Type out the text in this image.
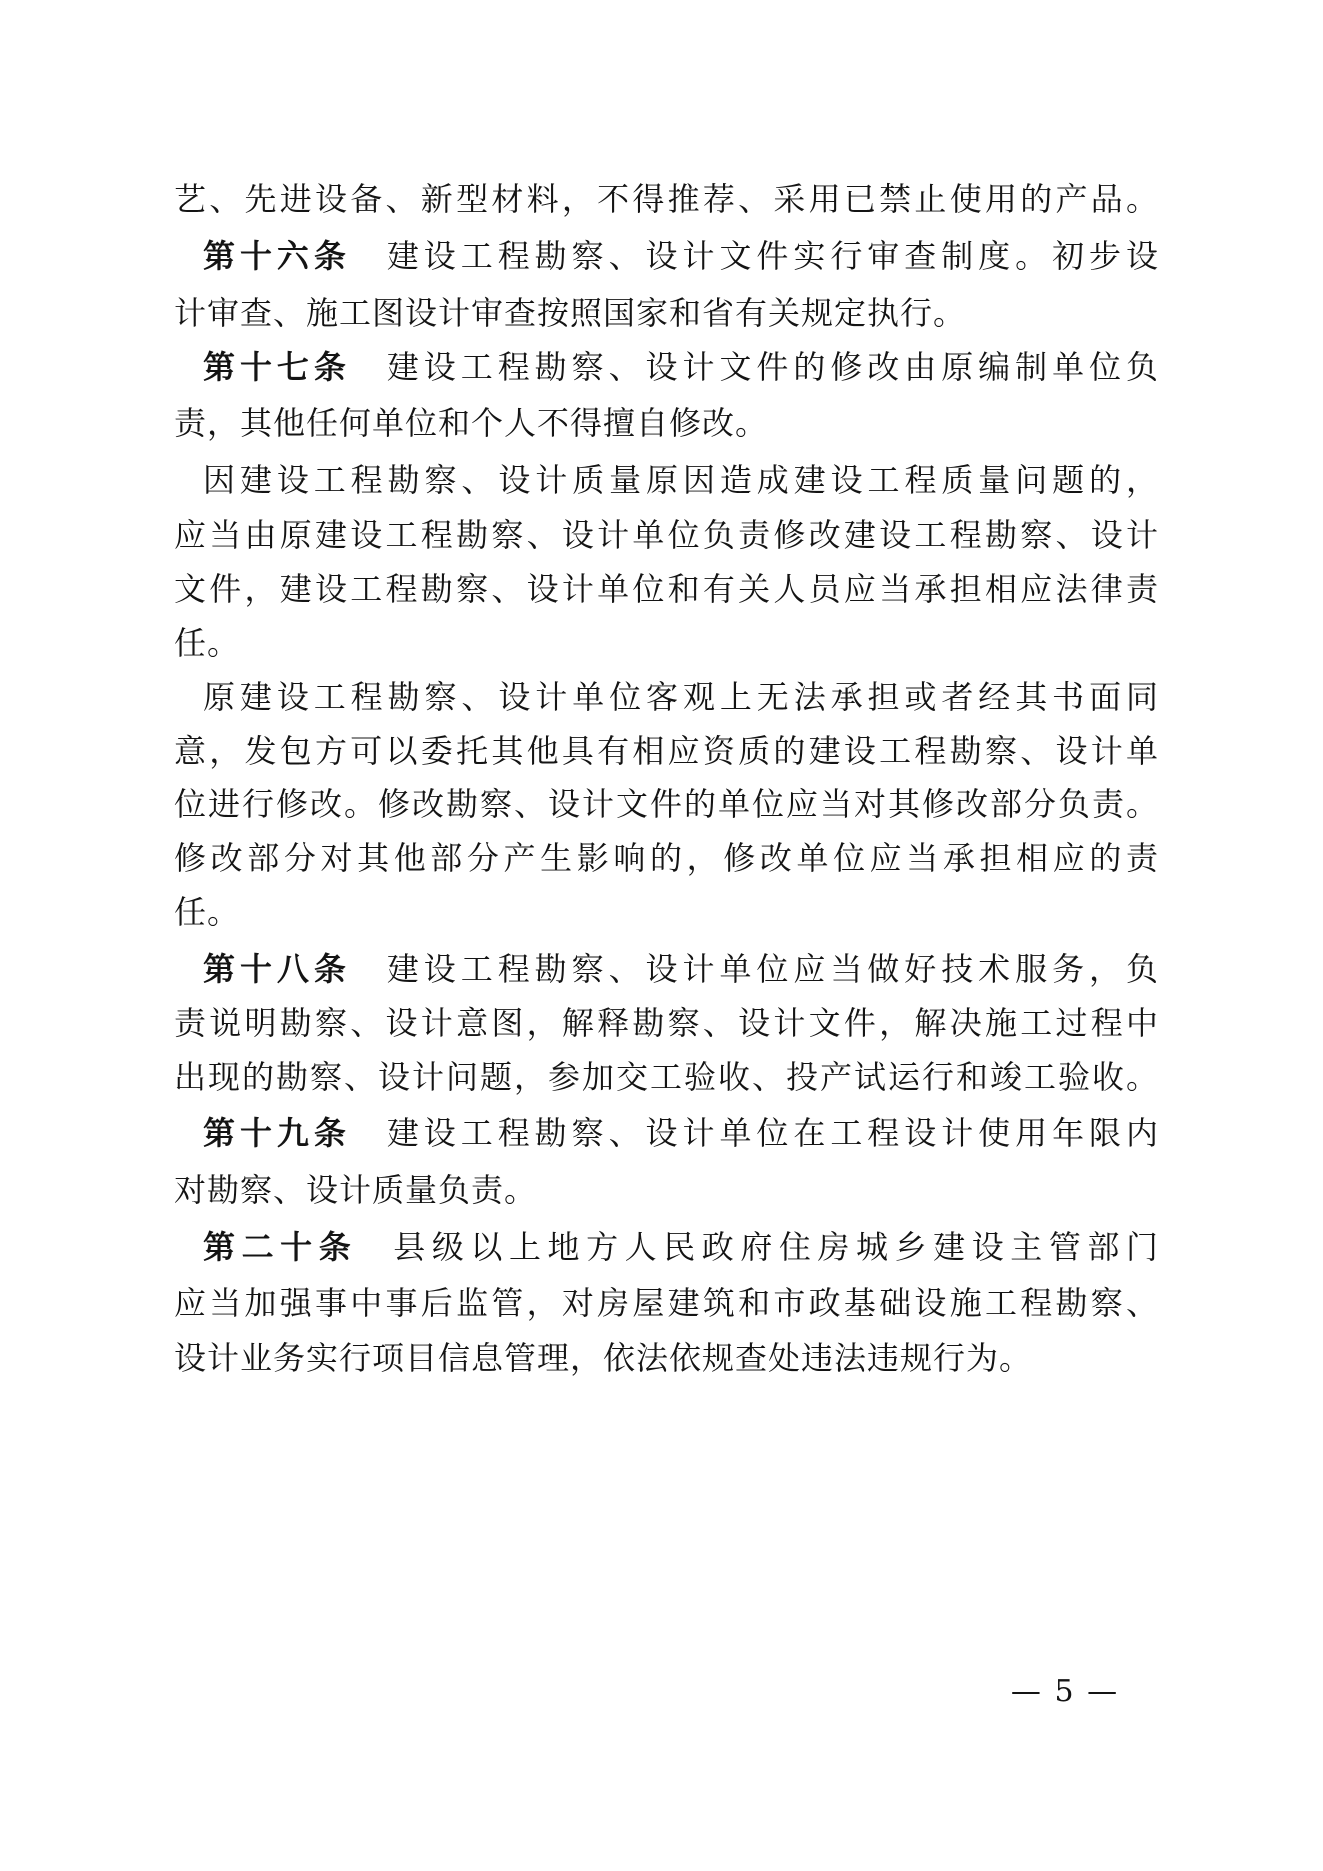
艺、先进设备、新型材料，不得推荐、采用已禁止使用的产品。
第十六条 建设工程勘察、设计文件实行审查制度。初步设
计审查、施工图设计审查按照国家和省有关规定执行。
第十七条 建设工程勘察、设计文件的修改由原编制单位负
责，其他任何单位和个人不得擅自修改。
因建设工程勘察、设计质量原因造成建设工程质量问题的，
应当由原建设工程勘察、设计单位负责修改建设工程勘察、设计
文件，建设工程勘察、设计单位和有关人员应当承担相应法律责
任。
原建设工程勘察、设计单位客观上无法承担或者经其书面同
意，发包方可以委托其他具有相应资质的建设工程勘察、设计单
位进行修改。修改勘察、设计文件的单位应当对其修改部分负责。
修改部分对其他部分产生影响的，修改单位应当承担相应的责
任。
第十八条 建设工程勘察、设计单位应当做好技术服务，负
责说明勘察、设计意图，解释勘察、设计文件，解决施工过程中
出现的勘察、设计问题，参加交工验收、投产试运行和竣工验收。
第十九条 建设工程勘察、设计单位在工程设计使用年限内
对勘察、设计质量负责。
第二十条 县级以上地方人民政府住房城乡建设主管部门
应当加强事中事后监管，对房屋建筑和市政基础设施工程勘察、
设计业务实行项目信息管理，依法依规查处违法违规行为。
— 5 —
